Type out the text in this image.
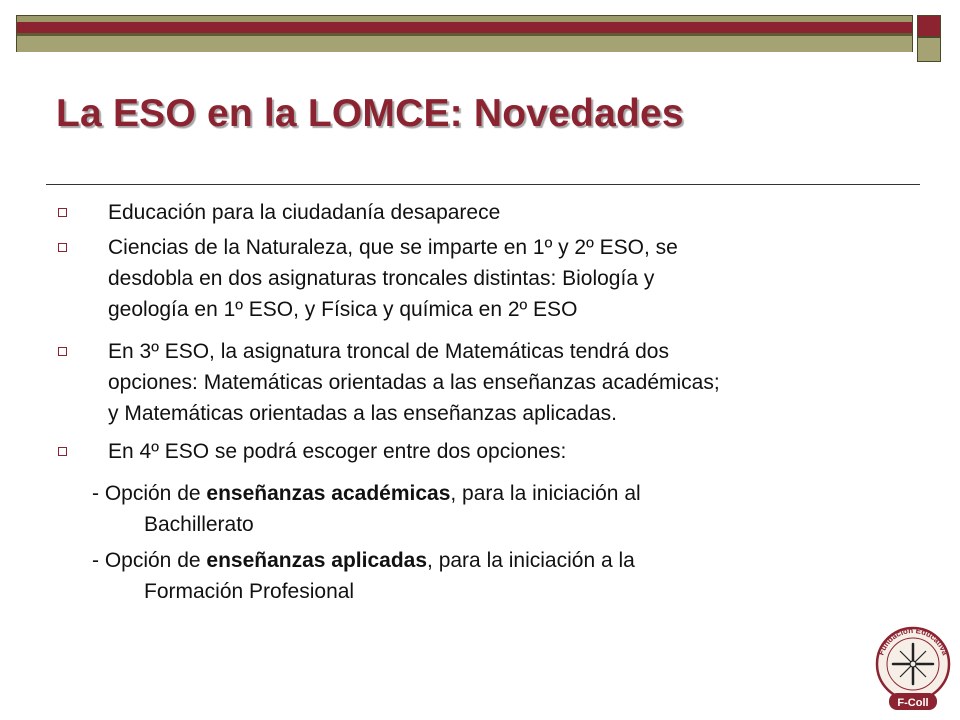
La ESO en la LOMCE: Novedades

Educación para la ciudadanía desaparece

Ciencias de la Naturaleza, que se imparte en 1º y 2º ESO, se

desdobla en dos asignaturas troncales distintas: Biología y

geología en 1º ESO, y Física y química en 2º ESO

En 3º ESO, la asignatura troncal de Matemáticas tendrá dos

opciones: Matemáticas orientadas a las enseñanzas académicas;

y Matemáticas orientadas a las enseñanzas aplicadas.

En 4º ESO se podrá escoger entre dos opciones:

- Opción de enseñanzas académicas, para la iniciación al

Bachillerato

- Opción de enseñanzas aplicadas, para la iniciación a la

Formación Profesional

Fundación Educativa
F-Coll
